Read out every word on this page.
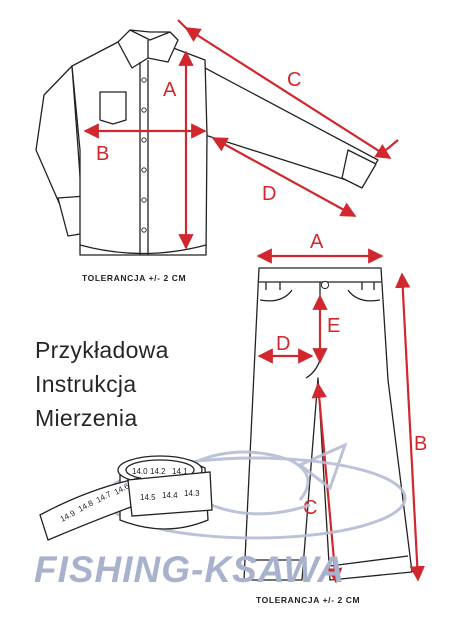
A
B
C
D
TOLERANCJA +/- 2 CM
A
B
C
D
E
TOLERANCJA +/- 2 CM
14.9
14.8
14.7
14.6
14.5 14.4 14.3
14.2 14.1
14.0
FISHING-KSAWA

Przykładowa

Instrukcja

Mierzenia
